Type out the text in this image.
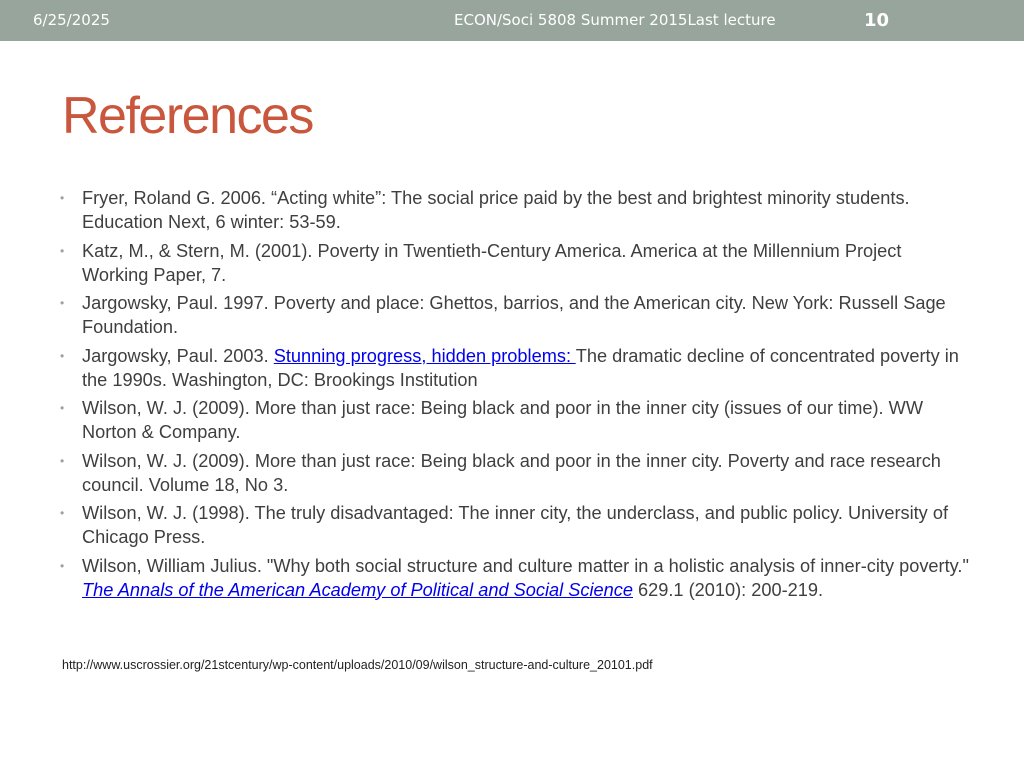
6/25/2025	ECON/Soci 5808 Summer 2015Last lecture	10
References
• Fryer, Roland G. 2006. “Acting white”: The social price paid by the best and brightest minority students. Education Next, 6 winter: 53-59.
• Katz, M., & Stern, M. (2001). Poverty in Twentieth-Century America. America at the Millennium Project Working Paper, 7.
• Jargowsky, Paul. 1997. Poverty and place: Ghettos, barrios, and the American city. New York: Russell Sage Foundation.
• Jargowsky, Paul. 2003. Stunning progress, hidden problems: The dramatic decline of concentrated poverty in the 1990s. Washington, DC: Brookings Institution
• Wilson, W. J. (2009). More than just race: Being black and poor in the inner city (issues of our time). WW Norton & Company.
• Wilson, W. J. (2009). More than just race: Being black and poor in the inner city. Poverty and race research council. Volume 18, No 3.
• Wilson, W. J. (1998). The truly disadvantaged: The inner city, the underclass, and public policy. University of Chicago Press.
• Wilson, William Julius. "Why both social structure and culture matter in a holistic analysis of inner-city poverty." The Annals of the American Academy of Political and Social Science 629.1 (2010): 200-219.
http://www.uscrossier.org/21stcentury/wp-content/uploads/2010/09/wilson_structure-and-culture_20101.pdf
